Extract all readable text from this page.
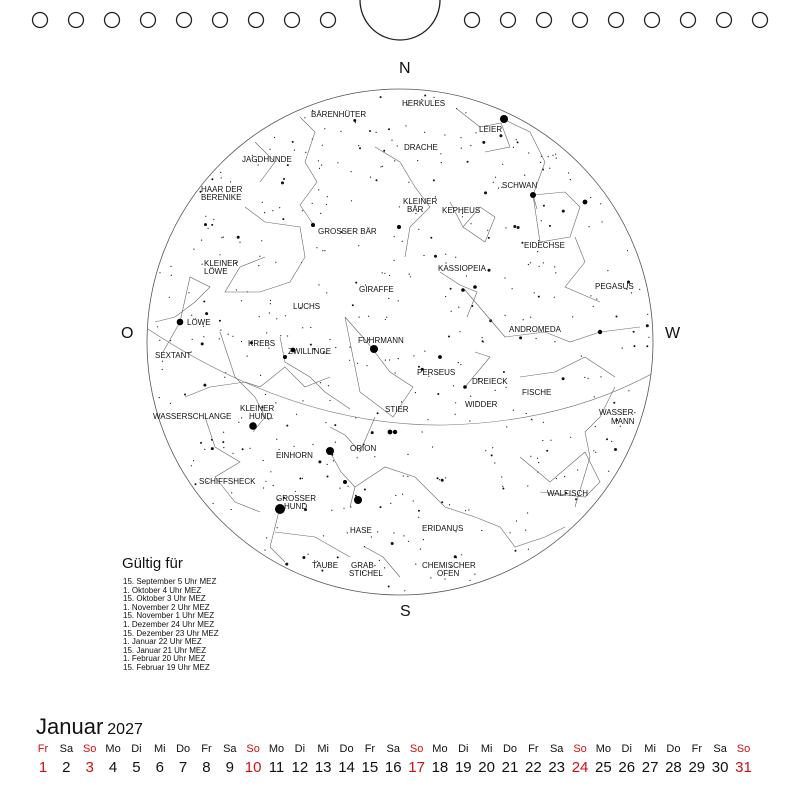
N
S
O	W
HERKULES
BÄRENHÜTER
LEIER
DRACHE
JAGDHUNDE
SCHWAN
HAAR DER
BERENIKE	KLEINER
BÄR KEPHEUS
GROSSER BÄR
EIDECHSE
KLEINER
LÖWE	KASSIOPEIA
PEGASUS
GIRAFFE
LUCHS
LÖWE
ANDROMEDA
KREBS	FUHRMANN
ZWILLINGE
SEXTANT
PERSEUS
DREIECK
FISCHE
KLEINER
HUND
WIDDER
WASSERSCHLANGE
STIER	WASSER-
MANN
EINHORN
ORION
SCHIFFSHECK
WALFISCH
GROSSER
HUND
HASE	ERIDANUS
TAUBE GRAB-
STICHEL
CHEMISCHER
OFEN
Gültig für
15. September 5 Uhr MEZ
1. Oktober 4 Uhr MEZ
15. Oktober 3 Uhr MEZ
1. November 2 Uhr MEZ
15. November 1 Uhr MEZ
1. Dezember 24 Uhr MEZ
15. Dezember 23 Uhr MEZ
1. Januar 22 Uhr MEZ
15. Januar 21 Uhr MEZ
1. Februar 20 Uhr MEZ
15. Februar 19 Uhr MEZ
Januar 2027
Fr
1
Sa
2
So
3
Mo
4
Di
5
Mi
6
Do
7
Fr
8
Sa
9
So
10
Mo
11
Di
12
Mi
13
Do
14
Fr
15
Sa
16
So
17
Mo
18
Di
19
Mi
20
Do
21
Fr
22
Sa
23
So
24
Mo
25
Di
26
Mi
27
Do
28
Fr
29
Sa
30
So
31
